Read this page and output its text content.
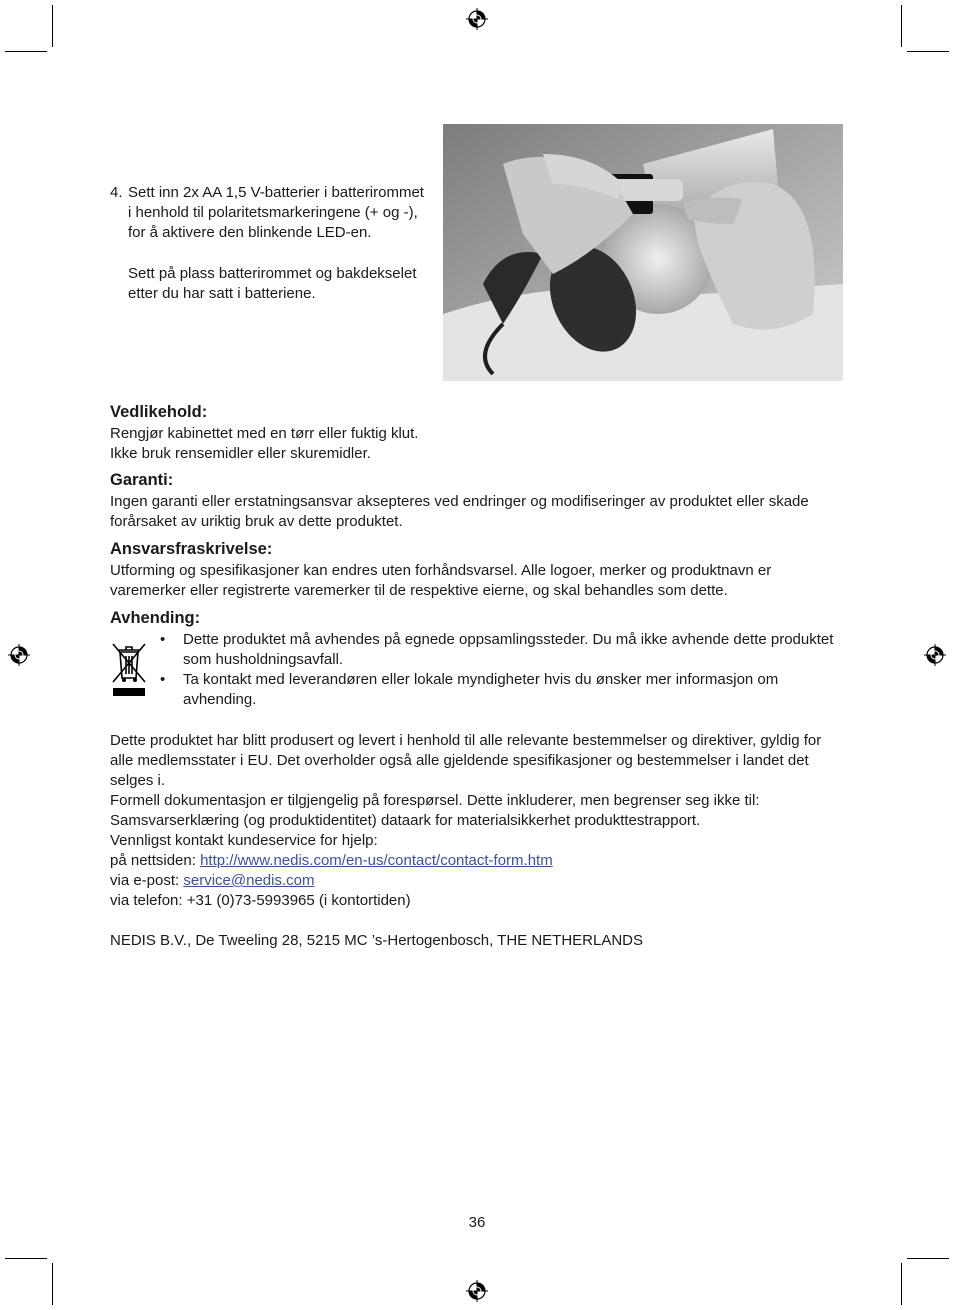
4. Sett inn 2x AA 1,5 V-batterier i batterirommet i henhold til polaritetsmarkeringene (+ og -), for å aktivere den blinkende LED-en.

Sett på plass batterirommet og bakdekselet etter du har satt i batteriene.

Vedlikehold:

Rengjør kabinettet med en tørr eller fuktig klut.

Ikke bruk rensemidler eller skuremidler.

Garanti:

Ingen garanti eller erstatningsansvar aksepteres ved endringer og modifiseringer av produktet eller skade forårsaket av uriktig bruk av dette produktet.

Ansvarsfraskrivelse:

Utforming og spesifikasjoner kan endres uten forhåndsvarsel. Alle logoer, merker og produktnavn er varemerker eller registrerte varemerker til de respektive eierne, og skal behandles som dette.

Avhending:
• Dette produktet må avhendes på egnede oppsamlingssteder. Du må ikke avhende dette produktet som husholdningsavfall.

• Ta kontakt med leverandøren eller lokale myndigheter hvis du ønsker mer informasjon om avhending.

Dette produktet har blitt produsert og levert i henhold til alle relevante bestemmelser og direktiver, gyldig for alle medlemsstater i EU. Det overholder også alle gjeldende spesifikasjoner og bestemmelser i landet det selges i.

Formell dokumentasjon er tilgjengelig på forespørsel. Dette inkluderer, men begrenser seg ikke til: Samsvarserklæring (og produktidentitet) dataark for materialsikkerhet produkttestrapport.

Vennligst kontakt kundeservice for hjelp:

på nettsiden: http://www.nedis.com/en-us/contact/contact-form.htm

via e-post: service@nedis.com

via telefon: +31 (0)73-5993965 (i kontortiden)

NEDIS B.V., De Tweeling 28, 5215 MC ’s-Hertogenbosch, THE NETHERLANDS

36
